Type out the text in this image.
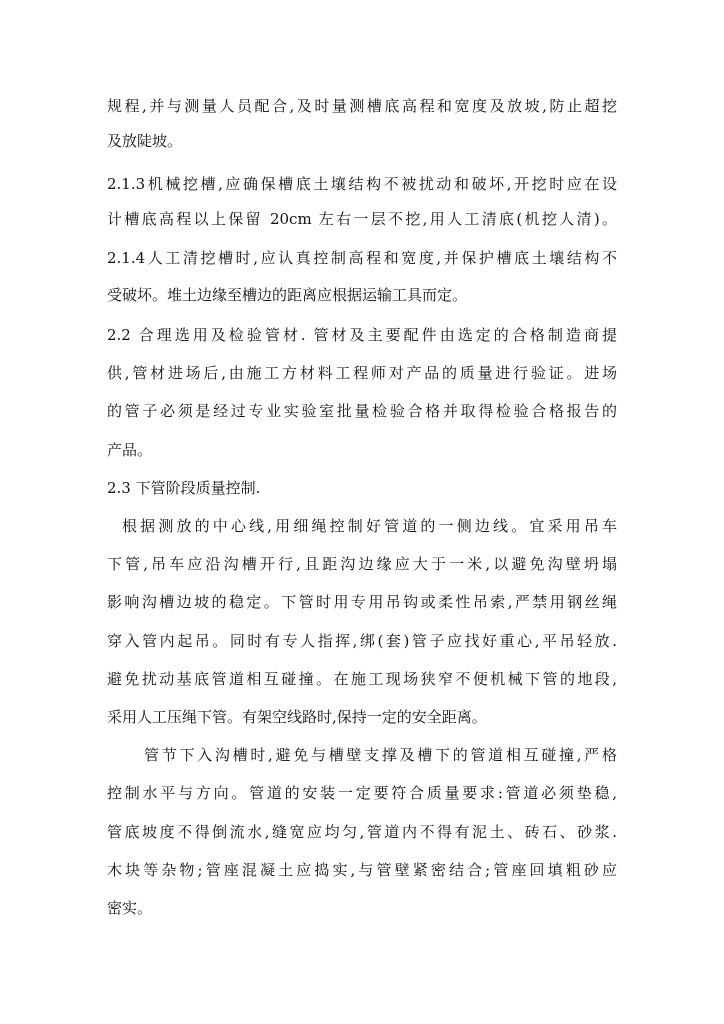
规程,并与测量人员配合,及时量测槽底高程和宽度及放坡,防止超挖
及放陡坡。
2.1.3机械挖槽,应确保槽底土壤结构不被扰动和破坏,开挖时应在设
计槽底高程以上保留 20cm 左右一层不挖,用人工清底(机挖人清)。
2.1.4人工清挖槽时,应认真控制高程和宽度,并保护槽底土壤结构不
受破坏。堆土边缘至槽边的距离应根据运输工具而定。
2.2 合理选用及检验管材. 管材及主要配件由选定的合格制造商提
供,管材进场后,由施工方材料工程师对产品的质量进行验证。进场
的管子必须是经过专业实验室批量检验合格并取得检验合格报告的
产品。
2.3 下管阶段质量控制.
根据测放的中心线,用细绳控制好管道的一侧边线。宜采用吊车
下管,吊车应沿沟槽开行,且距沟边缘应大于一米,以避免沟壁坍塌
影响沟槽边坡的稳定。下管时用专用吊钩或柔性吊索,严禁用钢丝绳
穿入管内起吊。同时有专人指挥,绑(套)管子应找好重心,平吊轻放.
避免扰动基底管道相互碰撞。在施工现场狭窄不便机械下管的地段,
采用人工压绳下管。有架空线路时,保持一定的安全距离。
管节下入沟槽时,避免与槽壁支撑及槽下的管道相互碰撞,严格
控制水平与方向。管道的安装一定要符合质量要求:管道必须垫稳,
管底坡度不得倒流水,缝宽应均匀,管道内不得有泥土、砖石、砂浆.
木块等杂物;管座混凝土应捣实,与管壁紧密结合;管座回填粗砂应
密实。
